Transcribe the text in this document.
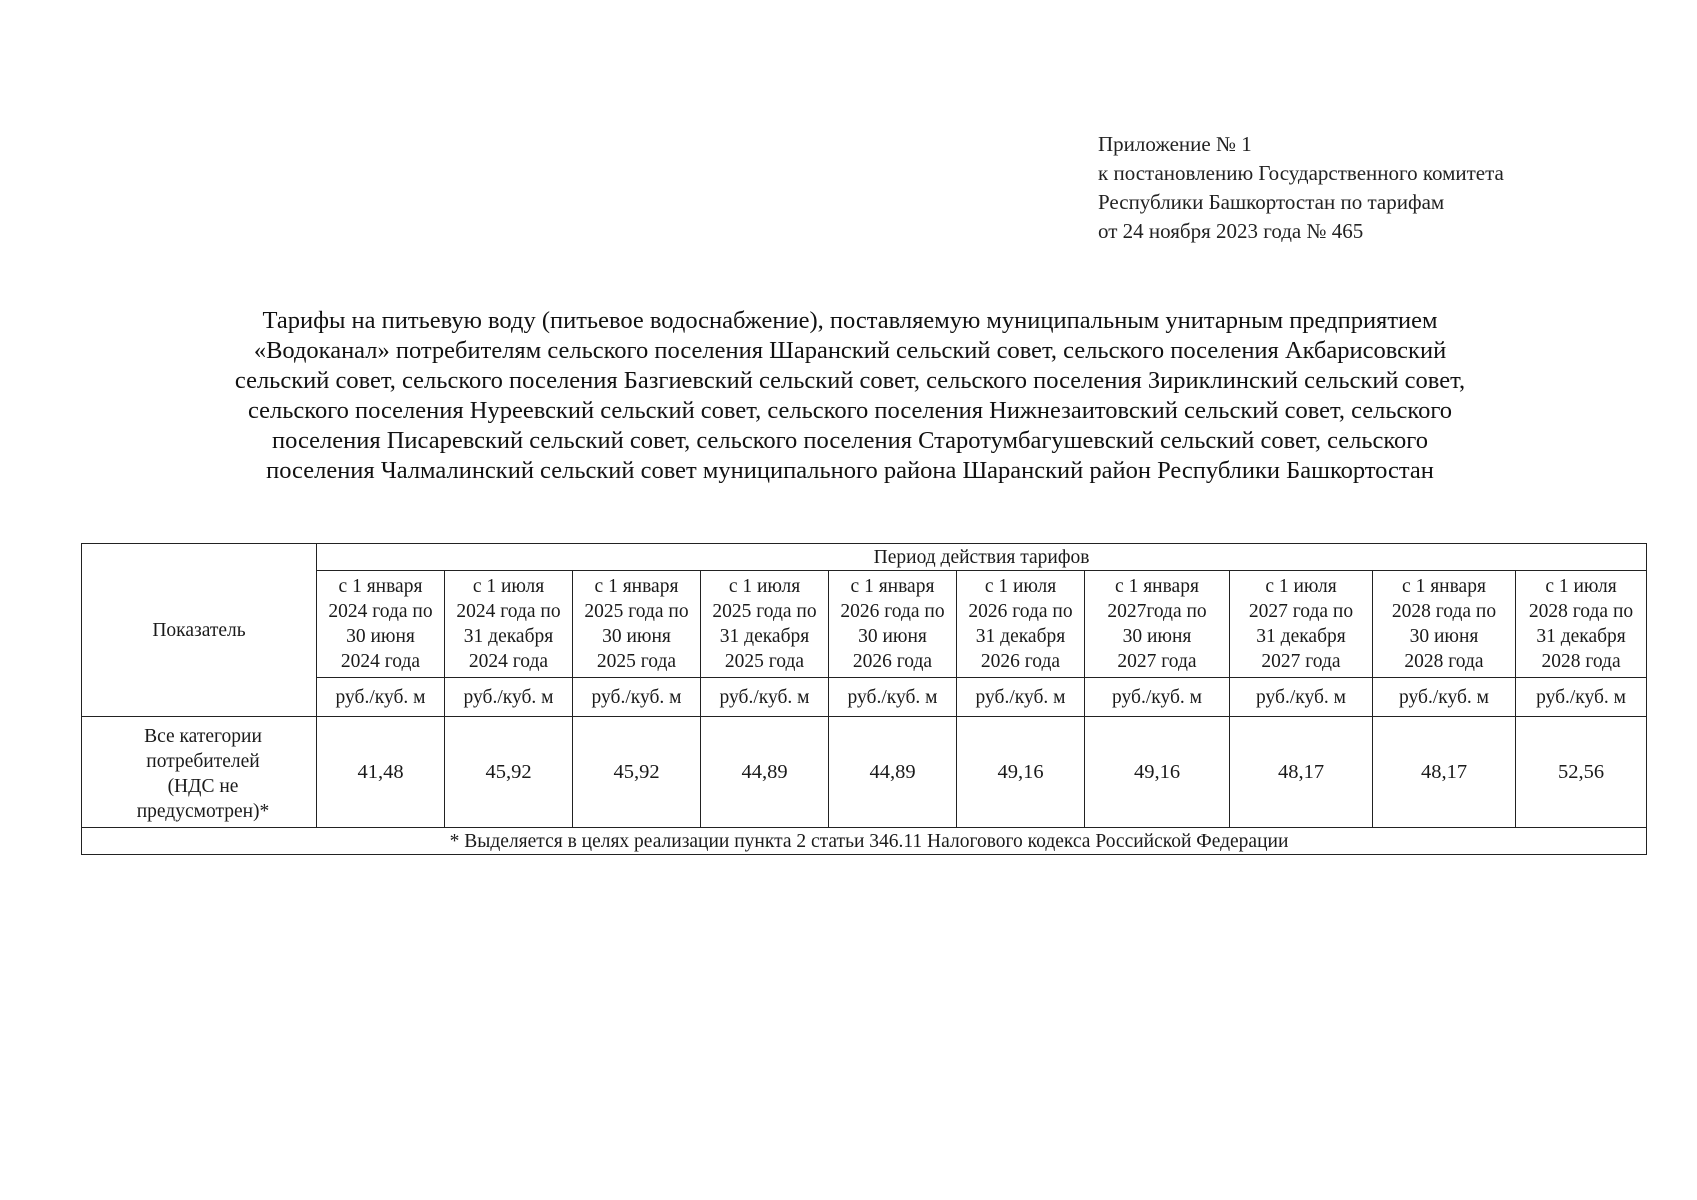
Приложение № 1
к постановлению Государственного комитета
Республики Башкортостан по тарифам
от 24 ноября 2023 года № 465
Тарифы на питьевую воду (питьевое водоснабжение), поставляемую муниципальным унитарным предприятием
«Водоканал» потребителям сельского поселения Шаранский сельский совет, сельского поселения Акбарисовский
сельский совет, сельского поселения Базгиевский сельский совет, сельского поселения Зириклинский сельский совет,
сельского поселения Нуреевский сельский совет, сельского поселения Нижнезаитовский сельский совет, сельского
поселения Писаревский сельский совет, сельского поселения Старотумбагушевский сельский совет, сельского
поселения Чалмалинский сельский совет муниципального района Шаранский район Республики Башкортостан
Показатель	Период действия тарифов									

	с 1 января
2024 года по
30 июня
2024 года	с 1 июля
2024 года по
31 декабря
2024 года	с 1 января
2025 года по
30 июня
2025 года	с 1 июля
2025 года по
31 декабря
2025 года	с 1 января
2026 года по
30 июня
2026 года	с 1 июля
2026 года по
31 декабря
2026 года	с 1 января
2027года по
30 июня
2027 года	с 1 июля
2027 года по
31 декабря
2027 года	с 1 января
2028 года по
30 июня
2028 года	с 1 июля
2028 года по
31 декабря
2028 года

	руб./куб. м	руб./куб. м	руб./куб. м	руб./куб. м	руб./куб. м	руб./куб. м	руб./куб. м	руб./куб. м	руб./куб. м	руб./куб. м

Все категории
потребителей
(НДС не
предусмотрен)*	41,48	45,92	45,92	44,89	44,89	49,16	49,16	48,17	48,17	52,56
* Выделяется в целях реализации пункта 2 статьи 346.11 Налогового кодекса Российской Федерации										
